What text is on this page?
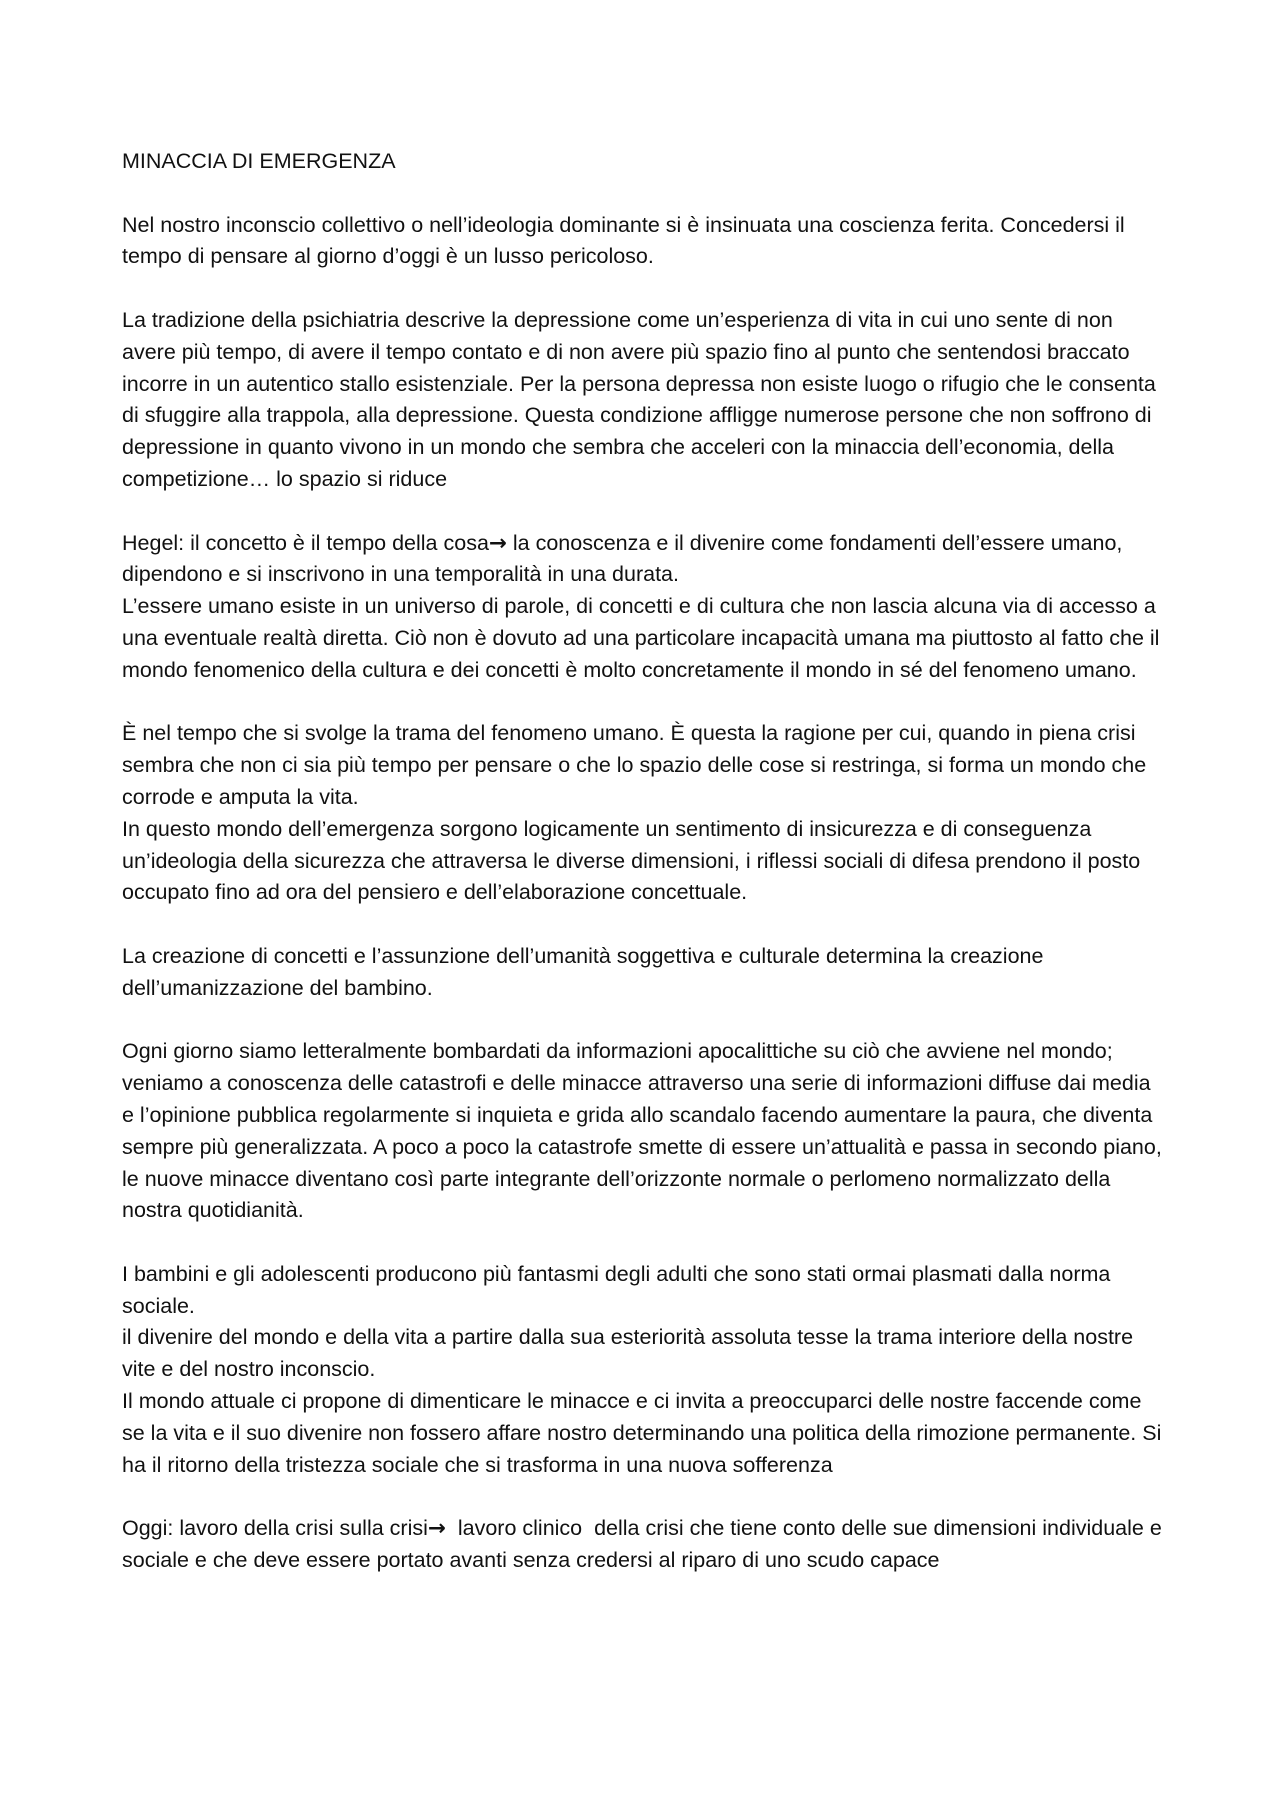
MINACCIA DI EMERGENZA

Nel nostro inconscio collettivo o nell’ideologia dominante si è insinuata una coscienza ferita. Concedersi il tempo di pensare al giorno d’oggi è un lusso pericoloso.

La tradizione della psichiatria descrive la depressione come un’esperienza di vita in cui uno sente di non avere più tempo, di avere il tempo contato e di non avere più spazio fino al punto che sentendosi braccato incorre in un autentico stallo esistenziale. Per la persona depressa non esiste luogo o rifugio che le consenta di sfuggire alla trappola, alla depressione. Questa condizione affligge numerose persone che non soffrono di depressione in quanto vivono in un mondo che sembra che acceleri con la minaccia dell’economia, della competizione… lo spazio si riduce

Hegel: il concetto è il tempo della cosa→ la conoscenza e il divenire come fondamenti dell’essere umano, dipendono e si inscrivono in una temporalità in una durata.

L’essere umano esiste in un universo di parole, di concetti e di cultura che non lascia alcuna via di accesso a una eventuale realtà diretta. Ciò non è dovuto ad una particolare incapacità umana ma piuttosto al fatto che il mondo fenomenico della cultura e dei concetti è molto concretamente il mondo in sé del fenomeno umano.

È nel tempo che si svolge la trama del fenomeno umano. È questa la ragione per cui, quando in piena crisi sembra che non ci sia più tempo per pensare o che lo spazio delle cose si restringa, si forma un mondo che corrode e amputa la vita.

In questo mondo dell’emergenza sorgono logicamente un sentimento di insicurezza e di conseguenza un’ideologia della sicurezza che attraversa le diverse dimensioni, i riflessi sociali di difesa prendono il posto occupato fino ad ora del pensiero e dell’elaborazione concettuale.

La creazione di concetti e l’assunzione dell’umanità soggettiva e culturale determina la creazione dell’umanizzazione del bambino.

Ogni giorno siamo letteralmente bombardati da informazioni apocalittiche su ciò che avviene nel mondo; veniamo a conoscenza delle catastrofi e delle minacce attraverso una serie di informazioni diffuse dai media e l’opinione pubblica regolarmente si inquieta e grida allo scandalo facendo aumentare la paura, che diventa sempre più generalizzata. A poco a poco la catastrofe smette di essere un’attualità e passa in secondo piano, le nuove minacce diventano così parte integrante dell’orizzonte normale o perlomeno normalizzato della nostra quotidianità.

I bambini e gli adolescenti producono più fantasmi degli adulti che sono stati ormai plasmati dalla norma sociale.

il divenire del mondo e della vita a partire dalla sua esteriorità assoluta tesse la trama interiore della nostre vite e del nostro inconscio.

Il mondo attuale ci propone di dimenticare le minacce e ci invita a preoccuparci delle nostre faccende come se la vita e il suo divenire non fossero affare nostro determinando una politica della rimozione permanente. Si ha il ritorno della tristezza sociale che si trasforma in una nuova sofferenza

Oggi: lavoro della crisi sulla crisi→  lavoro clinico  della crisi che tiene conto delle sue dimensioni individuale e sociale e che deve essere portato avanti senza credersi al riparo di uno scudo capace
